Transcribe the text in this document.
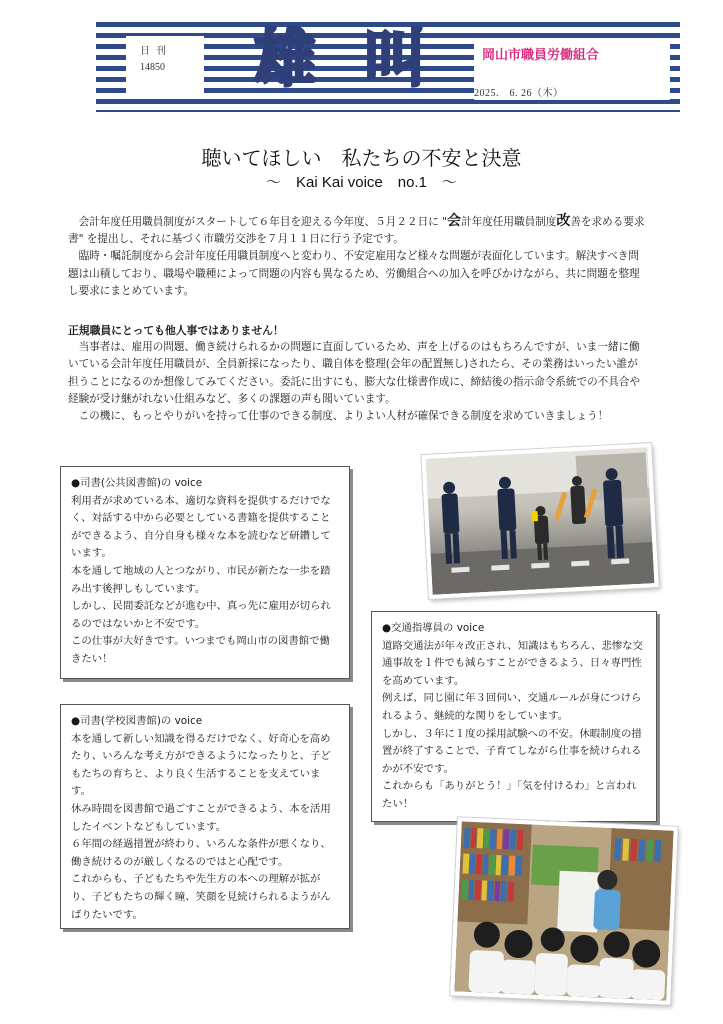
日刊
14850 雄 叫	岡山市職員労働組合
2025.　6. 26（木）
聴いてほしい　私たちの不安と決意
～　Kai Kai voice　no.1　～

会計年度任用職員制度がスタートして６年目を迎える今年度、５月２２日に "会計年度任用職員制度改善を求める要求書" を提出し、それに基づく市職労交渉を７月１１日に行う予定です。

臨時・嘱託制度から会計年度任用職員制度へと変わり、不安定雇用など様々な問題が表面化しています。解決すべき問題は山積しており、職場や職種によって問題の内容も異なるため、労働組合への加入を呼びかけながら、共に問題を整理し要求にまとめています。

正規職員にとっても他人事ではありません！

当事者は、雇用の問題、働き続けられるかの問題に直面しているため、声を上げるのはもちろんですが、いま一緒に働いている会計年度任用職員が、全員新採になったり、職自体を整理(会年の配置無し)されたら、その業務はいったい誰が担うことになるのか想像してみてください。委託に出すにも、膨大な仕様書作成に、締結後の指示命令系統での不具合や経験が受け継がれない仕組みなど、多くの課題の声も聞いています。

この機に、もっとやりがいを持って仕事のできる制度、よりよい人材が確保できる制度を求めていきましょう！

●司書(公共図書館)の voice

利用者が求めている本、適切な資料を提供するだけでなく、対話する中から必要としている書籍を提供することができるよう、自分自身も様々な本を読むなど研鑽しています。

本を通して地域の人とつながり、市民が新たな一歩を踏み出す後押しもしています。

しかし、民間委託などが進む中、真っ先に雇用が切られるのではないかと不安です。

この仕事が大好きです。いつまでも岡山市の図書館で働きたい！

●司書(学校図書館)の voice

本を通して新しい知識を得るだけでなく、好奇心を高めたり、いろんな考え方ができるようになったりと、子どもたちの育ちと、より良く生活することを支えています。

休み時間を図書館で過ごすことができるよう、本を活用したイベントなどもしています。

６年間の経過措置が終わり、いろんな条件が悪くなり、働き続けるのが厳しくなるのではと心配です。

これからも、子どもたちや先生方の本への理解が拡がり、子どもたちの輝く瞳、笑顔を見続けられるようがんばりたいです。

●交通指導員の voice

道路交通法が年々改正され、知識はもちろん、悲惨な交通事故を１件でも減らすことができるよう、日々専門性を高めています。

例えば、同じ園に年３回伺い、交通ルールが身につけられるよう、継続的な関りをしています。

しかし、３年に１度の採用試験への不安。休暇制度の措置が終了することで、子育てしながら仕事を続けられるかが不安です。

これからも「ありがとう！」「気を付けるわ」と言われたい！
